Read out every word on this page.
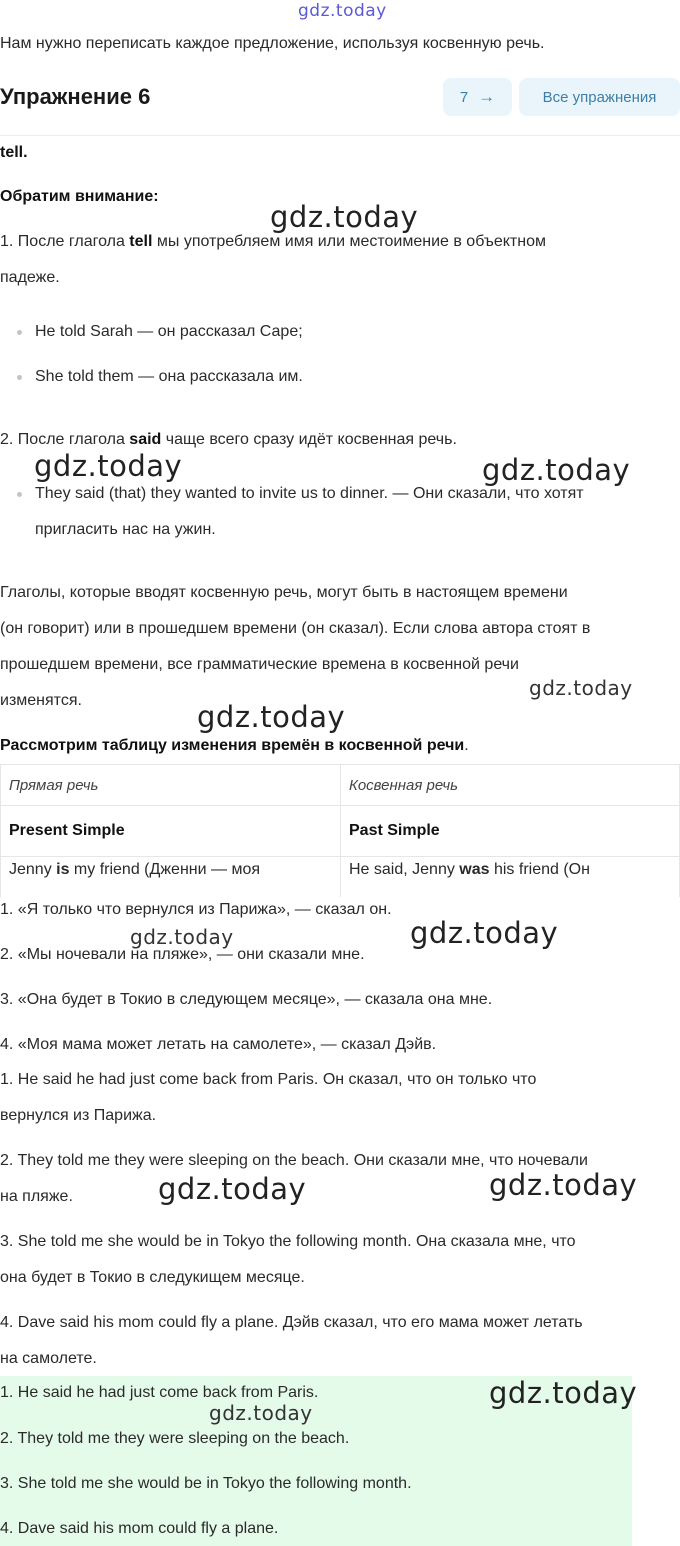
gdz.today
gdz.today
gdz.today	gdz.today
gdz.today
gdz.today
gdz.today	gdz.today
gdz.today	gdz.today
gdz.today
gdz.today
Нам нужно переписать каждое предложение, используя косвенную речь.
Упражнение 6	7 →	Все упражнения
tell.
Обратим внимание:
1. После глагола tell мы употребляем имя или местоимение в объектном
падеже.
He told Sarah — он рассказал Саре;
She told them — она рассказала им.
2. После глагола said чаще всего сразу идёт косвенная речь.
They said (that) they wanted to invite us to dinner. — Они сказали, что хотят
пригласить нас на ужин.
Глаголы, которые вводят косвенную речь, могут быть в настоящем времени
(он говорит) или в прошедшем времени (он сказал). Если слова автора стоят в
прошедшем времени, все грамматические времена в косвенной речи
изменятся.
Рассмотрим таблицу изменения времён в косвенной речи.
Прямая речь	Косвенная речь
Present Simple	Past Simple
Jenny is my friend (Дженни — моя	He said, Jenny was his friend (Он
1. «Я только что вернулся из Парижа», — сказал он.
2. «Мы ночевали на пляже», — они сказали мне.
3. «Она будет в Токио в следующем месяце», — сказала она мне.
4. «Моя мама может летать на самолете», — сказал Дэйв.
1. He said he had just come back from Paris. Он сказал, что он только что
вернулся из Парижа.
2. They told me they were sleeping on the beach. Они сказали мне, что ночевали
на пляже.
3. She told me she would be in Tokyo the following month. Она сказала мне, что
она будет в Токио в следукищем месяце.
4. Dave said his mom could fly a plane. Дэйв сказал, что его мама может летать
на самолете.
1. He said he had just come back from Paris.
2. They told me they were sleeping on the beach.
3. She told me she would be in Tokyo the following month.
4. Dave said his mom could fly a plane.
